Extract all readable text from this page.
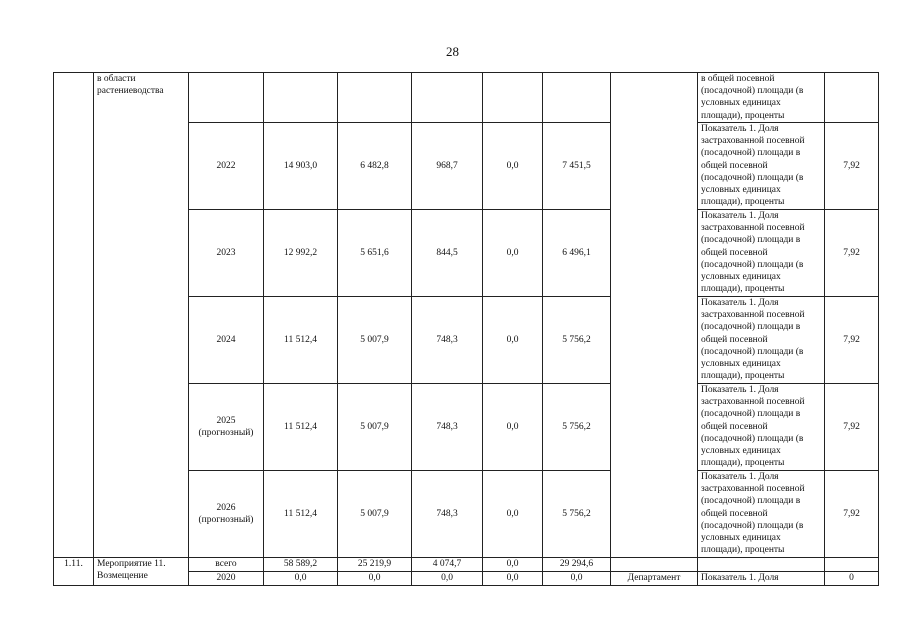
28
	в области растениеводства								в общей посевной (посадочной) площади (в условных единицах площади), проценты	
		2022	14 903,0	6 482,8	968,7	0,0	7 451,5		Показатель 1. Доля застрахованной посевной (посадочной) площади в общей посевной (посадочной) площади (в условных единицах площади), проценты	7,92
		2023	12 992,2	5 651,6	844,5	0,0	6 496,1		Показатель 1. Доля застрахованной посевной (посадочной) площади в общей посевной (посадочной) площади (в условных единицах площади), проценты	7,92
		2024	11 512,4	5 007,9	748,3	0,0	5 756,2		Показатель 1. Доля застрахованной посевной (посадочной) площади в общей посевной (посадочной) площади (в условных единицах площади), проценты	7,92

		2025
(прогнозный)	11 512,4	5 007,9	748,3	0,0	5 756,2		Показатель 1. Доля застрахованной посевной (посадочной) площади в общей посевной (посадочной) площади (в условных единицах площади), проценты	7,92

		2026
(прогнозный)	11 512,4	5 007,9	748,3	0,0	5 756,2		Показатель 1. Доля застрахованной посевной (посадочной) площади в общей посевной (посадочной) площади (в условных единицах площади), проценты	7,92
1.11.	Мероприятие 11. Возмещение	всего	58 589,2	25 219,9	4 074,7	0,0	29 294,6			
		2020	0,0	0,0	0,0	0,0	0,0	Департамент	Показатель 1. Доля	0
